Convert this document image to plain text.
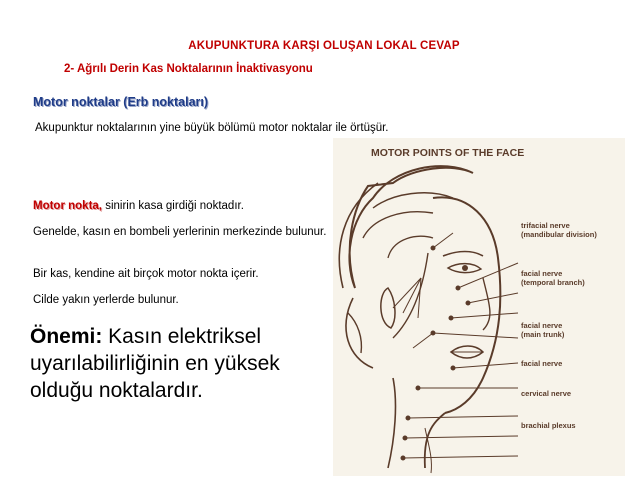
AKUPUNKTURA KARŞI OLUŞAN LOKAL CEVAP
2- Ağrılı Derin Kas Noktalarının İnaktivasyonu
Motor noktalar (Erb noktaları)
Akupunktur noktalarının yine büyük bölümü motor noktalar ile örtüşür.
MOTOR POINTS OF THE FACE
trifacial nerve
(mandibular division)
facial nerve
(temporal branch)
facial nerve
(main trunk)
facial nerve
cervical nerve
brachial plexus
Motor nokta, sinirin kasa girdiği noktadır.
Genelde, kasın en bombeli yerlerinin merkezinde bulunur.
Bir kas, kendine ait birçok motor nokta içerir.
Cilde yakın yerlerde bulunur.
Önemi: Kasın elektriksel uyarılabilirliğinin en yüksek olduğu noktalardır.
